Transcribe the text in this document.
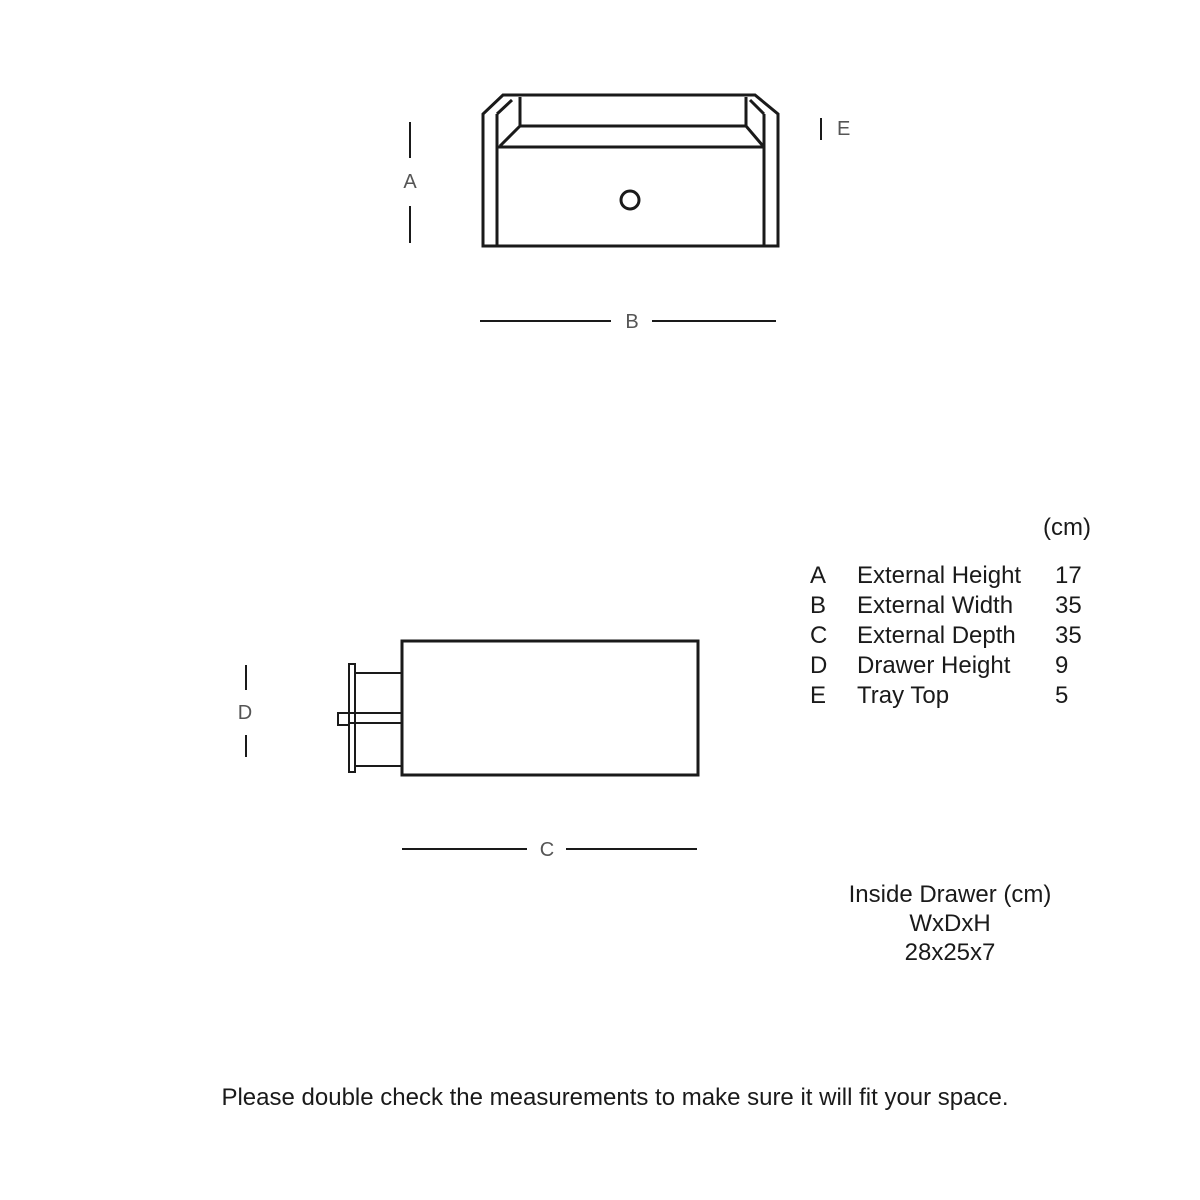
A
B
E
D
C
(cm)
A	External Height	17
B	External Width	35
C	External Depth	35
D	Drawer Height	9
E	Tray Top	5
Inside Drawer (cm)
WxDxH
28x25x7
Please double check the measurements to make sure it will fit your space.
